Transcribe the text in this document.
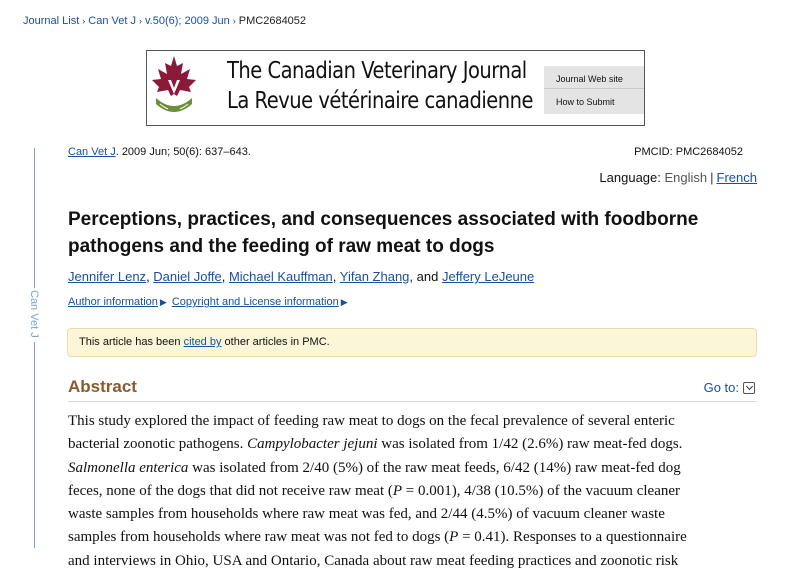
Journal List › Can Vet J › v.50(6); 2009 Jun › PMC2684052
The Canadian Veterinary Journal
La Revue vétérinaire canadienne
Journal Web site
How to Submit
Can Vet J
Can Vet J. 2009 Jun; 50(6): 637–643.	PMCID: PMC2684052
Language: English | French
Perceptions, practices, and consequences associated with foodborne pathogens and the feeding of raw meat to dogs
Jennifer Lenz, Daniel Joffe, Michael Kauffman, Yifan Zhang, and Jeffery LeJeune
Author information ▶ Copyright and License information ▶
This article has been cited by other articles in PMC.
Abstract	Go to:
This study explored the impact of feeding raw meat to dogs on the fecal prevalence of several enteric
bacterial zoonotic pathogens. Campylobacter jejuni was isolated from 1/42 (2.6%) raw meat-fed dogs.
Salmonella enterica was isolated from 2/40 (5%) of the raw meat feeds, 6/42 (14%) raw meat-fed dog
feces, none of the dogs that did not receive raw meat (P = 0.001), 4/38 (10.5%) of the vacuum cleaner
waste samples from households where raw meat was fed, and 2/44 (4.5%) of vacuum cleaner waste
samples from households where raw meat was not fed to dogs (P = 0.41). Responses to a questionnaire
and interviews in Ohio, USA and Ontario, Canada about raw meat feeding practices and zoonotic risk
